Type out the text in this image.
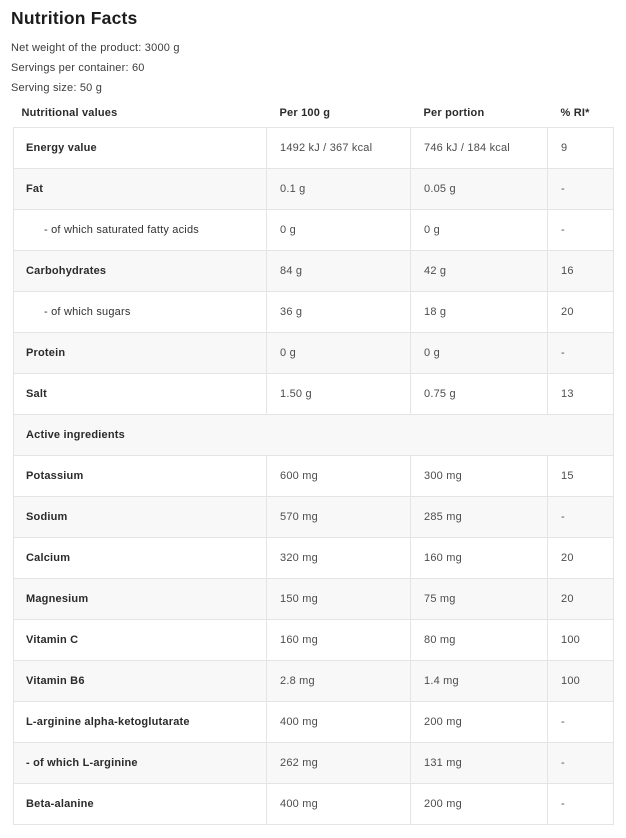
Nutrition Facts
Net weight of the product: 3000 g
Servings per container: 60
Serving size: 50 g
Nutritional values	Per 100 g	Per portion	% RI*
Energy value	1492 kJ / 367 kcal	746 kJ / 184 kcal	9
Fat	0.1 g	0.05 g	-
- of which saturated fatty acids	0 g	0 g	-
Carbohydrates	84 g	42 g	16
- of which sugars	36 g	18 g	20
Protein	0 g	0 g	-
Salt	1.50 g	0.75 g	13
Active ingredients			
Potassium	600 mg	300 mg	15
Sodium	570 mg	285 mg	-
Calcium	320 mg	160 mg	20
Magnesium	150 mg	75 mg	20
Vitamin C	160 mg	80 mg	100
Vitamin B6	2.8 mg	1.4 mg	100
L-arginine alpha-ketoglutarate	400 mg	200 mg	-
- of which L-arginine	262 mg	131 mg	-
Beta-alanine	400 mg	200 mg	-
